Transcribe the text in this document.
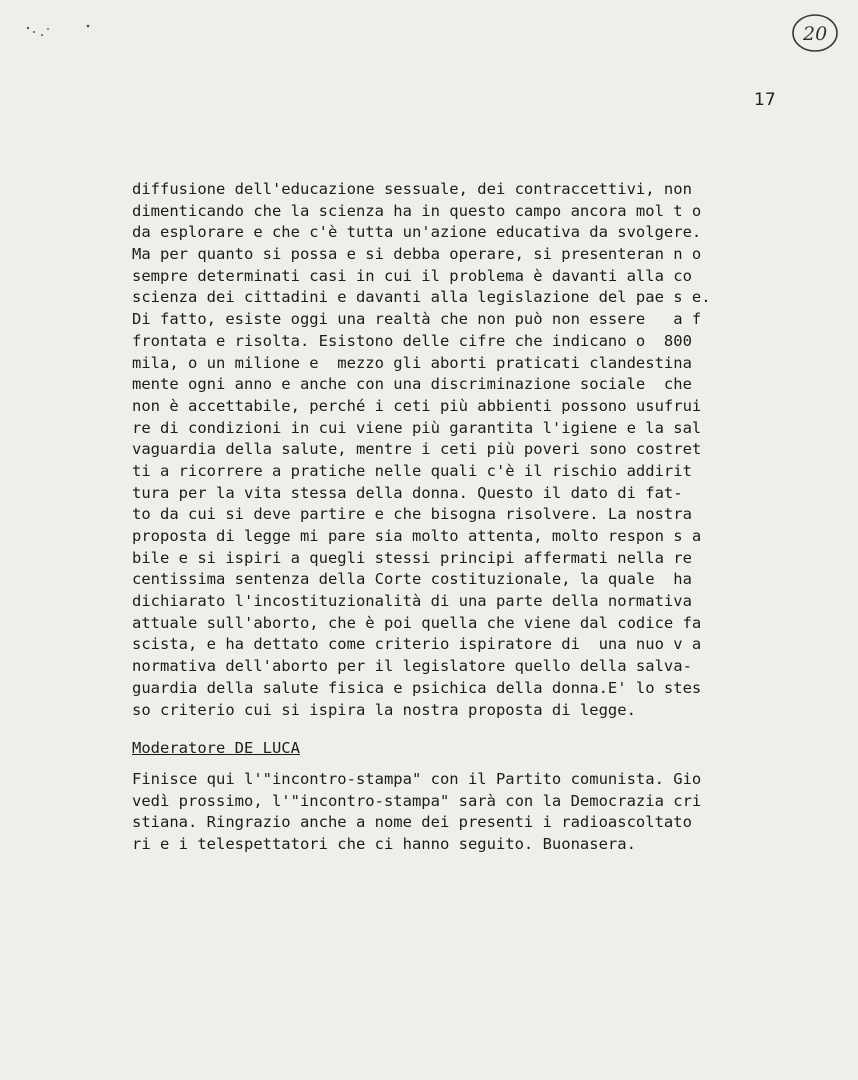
20
17
diffusione dell'educazione sessuale, dei contraccettivi, non
dimenticando che la scienza ha in questo campo ancora mol t o
da esplorare e che c'è tutta un'azione educativa da svolgere.
Ma per quanto si possa e si debba operare, si presenteran n o
sempre determinati casi in cui il problema è davanti alla co
scienza dei cittadini e davanti alla legislazione del pae s e.
Di fatto, esiste oggi una realtà che non può non essere   a f
frontata e risolta. Esistono delle cifre che indicano o  800
mila, o un milione e  mezzo gli aborti praticati clandestina
mente ogni anno e anche con una discriminazione sociale  che
non è accettabile, perché i ceti più abbienti possono usufrui
re di condizioni in cui viene più garantita l'igiene e la sal
vaguardia della salute, mentre i ceti più poveri sono costret
ti a ricorrere a pratiche nelle quali c'è il rischio addirit
tura per la vita stessa della donna. Questo il dato di fat-
to da cui si deve partire e che bisogna risolvere. La nostra
proposta di legge mi pare sia molto attenta, molto respon s a
bile e si ispiri a quegli stessi principi affermati nella re
centissima sentenza della Corte costituzionale, la quale  ha
dichiarato l'incostituzionalità di una parte della normativa
attuale sull'aborto, che è poi quella che viene dal codice fa
scista, e ha dettato come criterio ispiratore di  una nuo v a
normativa dell'aborto per il legislatore quello della salva-
guardia della salute fisica e psichica della donna.E' lo stes
so criterio cui si ispira la nostra proposta di legge.
Moderatore DE LUCA
Finisce qui l'"incontro-stampa" con il Partito comunista. Gio
vedì prossimo, l'"incontro-stampa" sarà con la Democrazia cri
stiana. Ringrazio anche a nome dei presenti i radioascoltato
ri e i telespettatori che ci hanno seguito. Buonasera.
